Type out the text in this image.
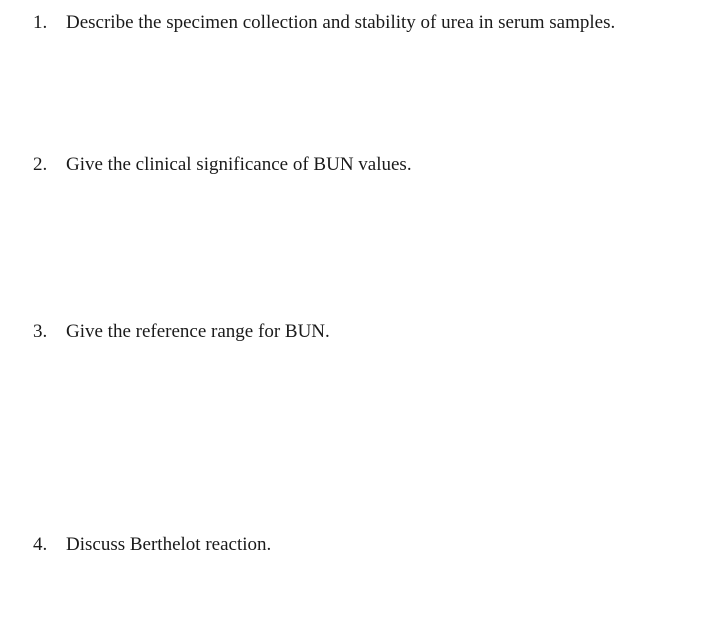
1. Describe the specimen collection and stability of urea in serum samples.
2. Give the clinical significance of BUN values.
3. Give the reference range for BUN.
4. Discuss Berthelot reaction.
